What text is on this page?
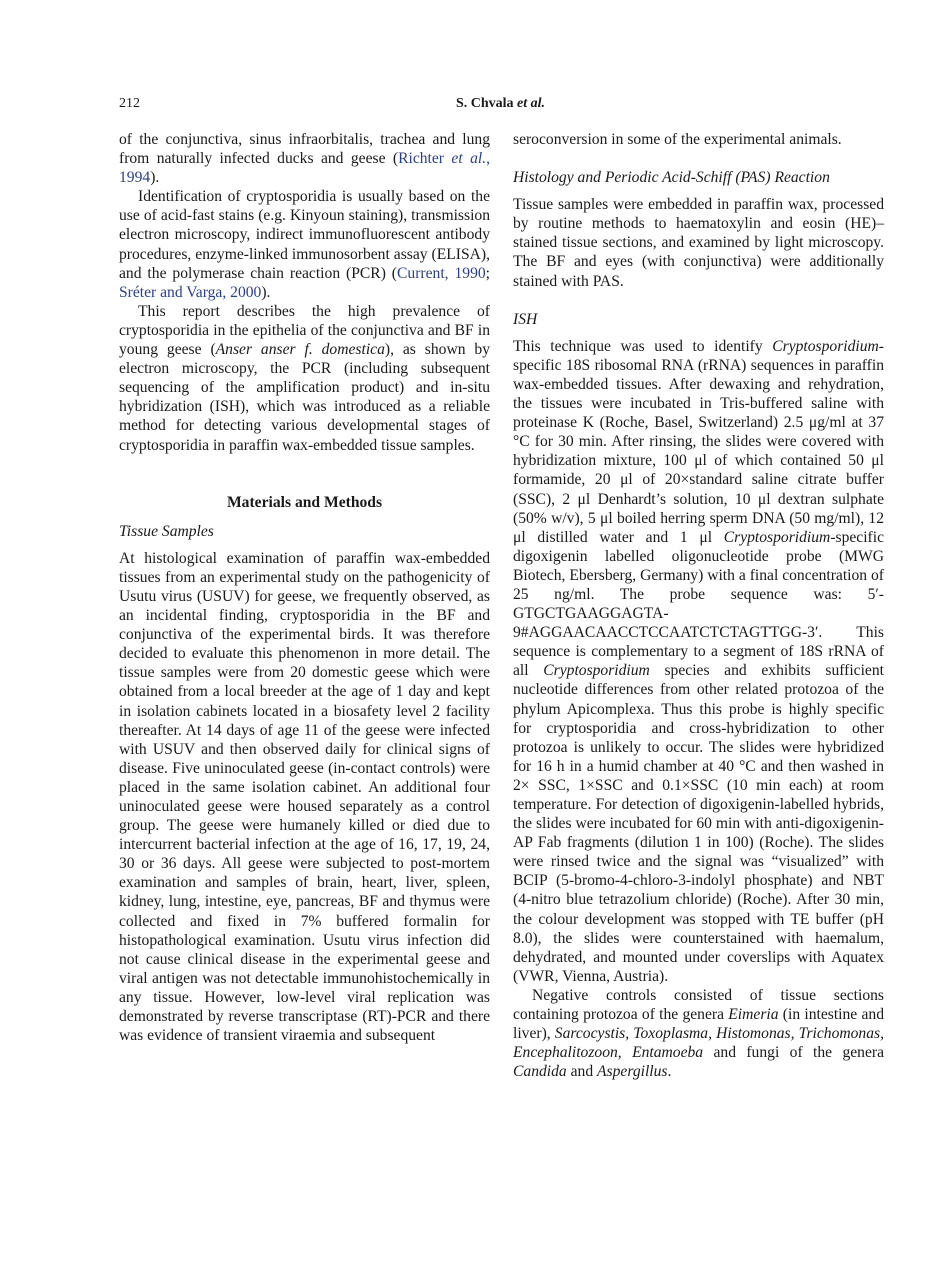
212	S. Chvala et al.

of the conjunctiva, sinus infraorbitalis, trachea and lung from naturally infected ducks and geese (Richter et al., 1994).

Identification of cryptosporidia is usually based on the use of acid-fast stains (e.g. Kinyoun staining), transmission electron microscopy, indirect immunofluorescent antibody procedures, enzyme-linked immunosorbent assay (ELISA), and the polymerase chain reaction (PCR) (Current, 1990; Sréter and Varga, 2000).

This report describes the high prevalence of cryptosporidia in the epithelia of the conjunctiva and BF in young geese (Anser anser f. domestica), as shown by electron microscopy, the PCR (including subsequent sequencing of the amplification product) and in-situ hybridization (ISH), which was introduced as a reliable method for detecting various developmental stages of cryptosporidia in paraffin wax-embedded tissue samples.

Materials and Methods
Tissue Samples

At histological examination of paraffin wax-embedded tissues from an experimental study on the pathogenicity of Usutu virus (USUV) for geese, we frequently observed, as an incidental finding, cryptosporidia in the BF and conjunctiva of the experimental birds. It was therefore decided to evaluate this phenomenon in more detail. The tissue samples were from 20 domestic geese which were obtained from a local breeder at the age of 1 day and kept in isolation cabinets located in a biosafety level 2 facility thereafter. At 14 days of age 11 of the geese were infected with USUV and then observed daily for clinical signs of disease. Five uninoculated geese (in-contact controls) were placed in the same isolation cabinet. An additional four uninoculated geese were housed separately as a control group. The geese were humanely killed or died due to intercurrent bacterial infection at the age of 16, 17, 19, 24, 30 or 36 days. All geese were subjected to post-mortem examination and samples of brain, heart, liver, spleen, kidney, lung, intestine, eye, pancreas, BF and thymus were collected and fixed in 7% buffered formalin for histopathological examination. Usutu virus infection did not cause clinical disease in the experimental geese and viral antigen was not detectable immunohistochemically in any tissue. However, low-level viral replication was demonstrated by reverse transcriptase (RT)-PCR and there was evidence of transient viraemia and subsequent

seroconversion in some of the experimental animals.

Histology and Periodic Acid-Schiff (PAS) Reaction

Tissue samples were embedded in paraffin wax, processed by routine methods to haematoxylin and eosin (HE)–stained tissue sections, and examined by light microscopy. The BF and eyes (with conjunctiva) were additionally stained with PAS.

ISH

This technique was used to identify Cryptosporidium-specific 18S ribosomal RNA (rRNA) sequences in paraffin wax-embedded tissues. After dewaxing and rehydration, the tissues were incubated in Tris-buffered saline with proteinase K (Roche, Basel, Switzerland) 2.5 μg/ml at 37 °C for 30 min. After rinsing, the slides were covered with hybridization mixture, 100 μl of which contained 50 μl formamide, 20 μl of 20×standard saline citrate buffer (SSC), 2 μl Denhardt’s solution, 10 μl dextran sulphate (50% w/v), 5 μl boiled herring sperm DNA (50 mg/ml), 12 μl distilled water and 1 μl Cryptosporidium-specific digoxigenin labelled oligonucleotide probe (MWG Biotech, Ebersberg, Germany) with a final concentration of 25 ng/ml. The probe sequence was: 5′-GTGCTGAAGGAGTA-9#AGGAACAACCTCCAATCTCTAGTTGG-3′. This sequence is complementary to a segment of 18S rRNA of all Cryptosporidium species and exhibits sufficient nucleotide differences from other related protozoa of the phylum Apicomplexa. Thus this probe is highly specific for cryptosporidia and cross-hybridization to other protozoa is unlikely to occur. The slides were hybridized for 16 h in a humid chamber at 40 °C and then washed in 2× SSC, 1×SSC and 0.1×SSC (10 min each) at room temperature. For detection of digoxigenin-labelled hybrids, the slides were incubated for 60 min with anti-digoxigenin-AP Fab fragments (dilution 1 in 100) (Roche). The slides were rinsed twice and the signal was “visualized” with BCIP (5-bromo-4-chloro-3-indolyl phosphate) and NBT (4-nitro blue tetrazolium chloride) (Roche). After 30 min, the colour development was stopped with TE buffer (pH 8.0), the slides were counterstained with haemalum, dehydrated, and mounted under coverslips with Aquatex (VWR, Vienna, Austria).

Negative controls consisted of tissue sections containing protozoa of the genera Eimeria (in intestine and liver), Sarcocystis, Toxoplasma, Histomonas, Trichomonas, Encephalitozoon, Entamoeba and fungi of the genera Candida and Aspergillus.
